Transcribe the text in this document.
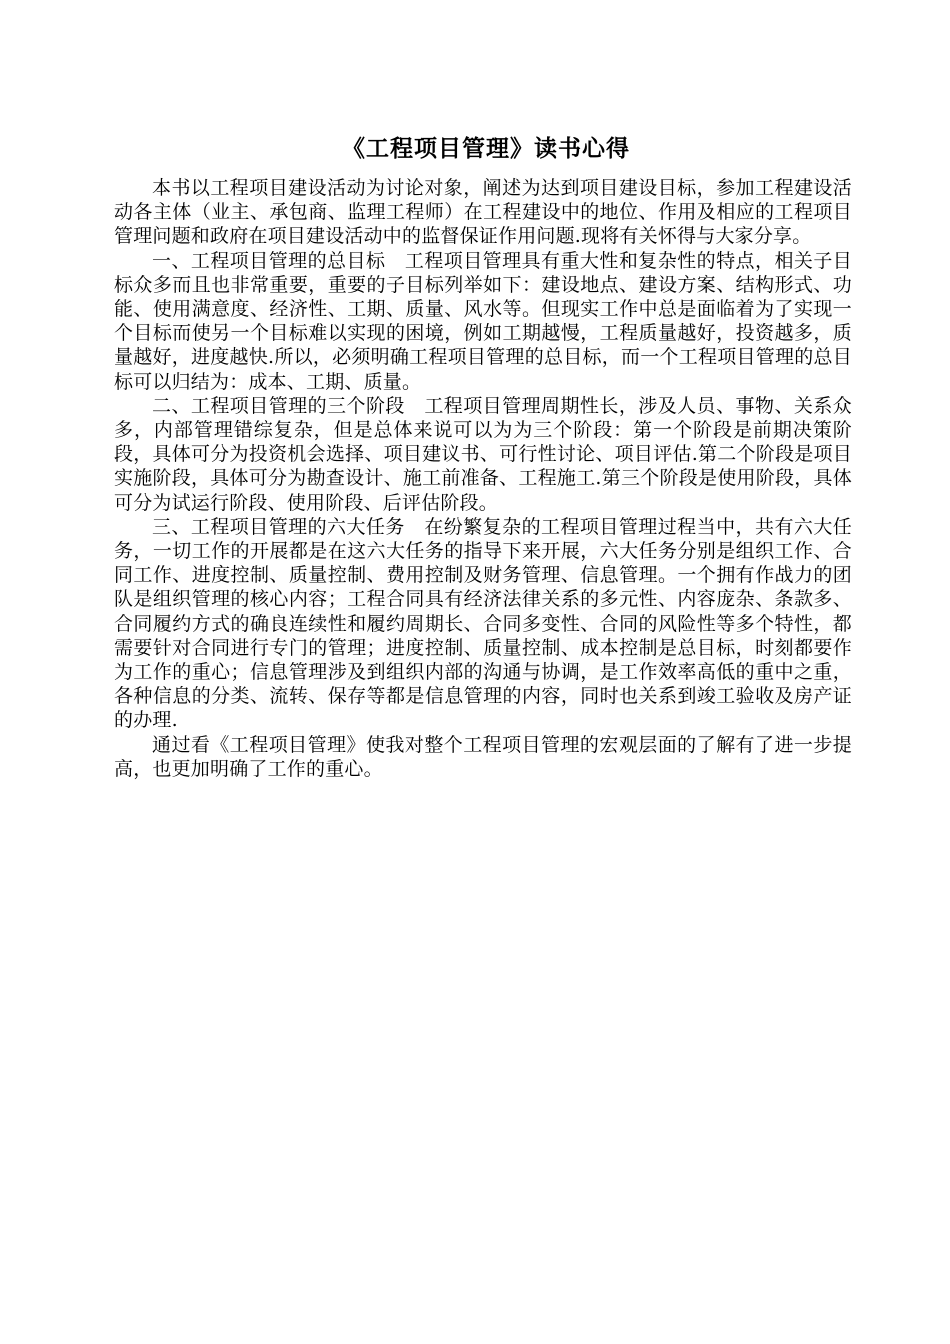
《工程项目管理》读书心得

本书以工程项目建设活动为讨论对象，阐述为达到项目建设目标，参加工程建设活动各主体（业主、承包商、监理工程师）在工程建设中的地位、作用及相应的工程项目管理问题和政府在项目建设活动中的监督保证作用问题.现将有关怀得与大家分享。

一、工程项目管理的总目标　工程项目管理具有重大性和复杂性的特点，相关子目标众多而且也非常重要，重要的子目标列举如下：建设地点、建设方案、结构形式、功能、使用满意度、经济性、工期、质量、风水等。但现实工作中总是面临着为了实现一个目标而使另一个目标难以实现的困境，例如工期越慢，工程质量越好，投资越多，质量越好，进度越快.所以，必须明确工程项目管理的总目标，而一个工程项目管理的总目标可以归结为：成本、工期、质量。

二、工程项目管理的三个阶段　工程项目管理周期性长，涉及人员、事物、关系众多，内部管理错综复杂，但是总体来说可以为为三个阶段：第一个阶段是前期决策阶段，具体可分为投资机会选择、项目建议书、可行性讨论、项目评估.第二个阶段是项目实施阶段，具体可分为勘查设计、施工前准备、工程施工.第三个阶段是使用阶段，具体可分为试运行阶段、使用阶段、后评估阶段。

三、工程项目管理的六大任务　在纷繁复杂的工程项目管理过程当中，共有六大任务，一切工作的开展都是在这六大任务的指导下来开展，六大任务分别是组织工作、合同工作、进度控制、质量控制、费用控制及财务管理、信息管理。一个拥有作战力的团队是组织管理的核心内容；工程合同具有经济法律关系的多元性、内容庞杂、条款多、合同履约方式的确良连续性和履约周期长、合同多变性、合同的风险性等多个特性，都需要针对合同进行专门的管理；进度控制、质量控制、成本控制是总目标，时刻都要作为工作的重心；信息管理涉及到组织内部的沟通与协调，是工作效率高低的重中之重，各种信息的分类、流转、保存等都是信息管理的内容，同时也关系到竣工验收及房产证的办理.

通过看《工程项目管理》使我对整个工程项目管理的宏观层面的了解有了进一步提高，也更加明确了工作的重心。
